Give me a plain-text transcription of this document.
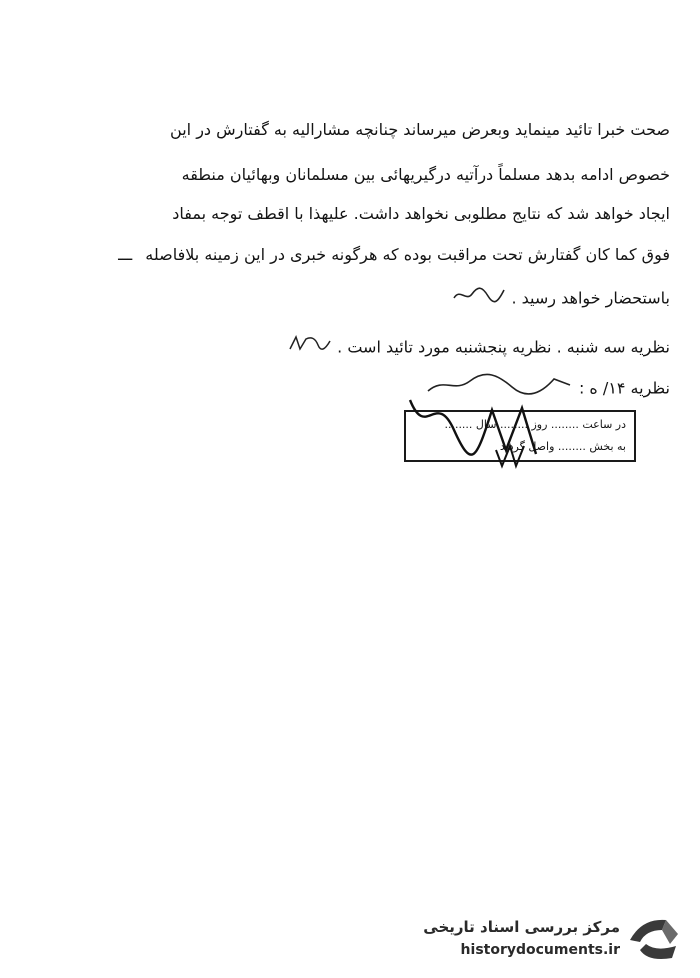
صحت خبرا تائید مینماید وبعرض میرساند چنانچه مشارالیه به گفتارش در این
خصوص ادامه بدهد مسلماً درآتیه درگیریهائی بین مسلمانان وبهائیان منطقه
ایجاد خواهد شد که نتایج مطلوبی نخواهد داشت. علیهذا با اقطف توجه بمفاد
فوق کما کان گفتارش تحت مراقبت بوده که هرگونه خبری در این زمینه بلافاصله ـــ
باستحضار خواهد رسید .
نظریه سه شنبه . نظریه پنجشنبه مورد تائید است .
نظریه ۱۴/ ه :
در ساعت ........ روز ........ سال ........
به بخش ........ واصل گردید
مرکز بررسی اسناد تاریخی
historydocuments.ir
